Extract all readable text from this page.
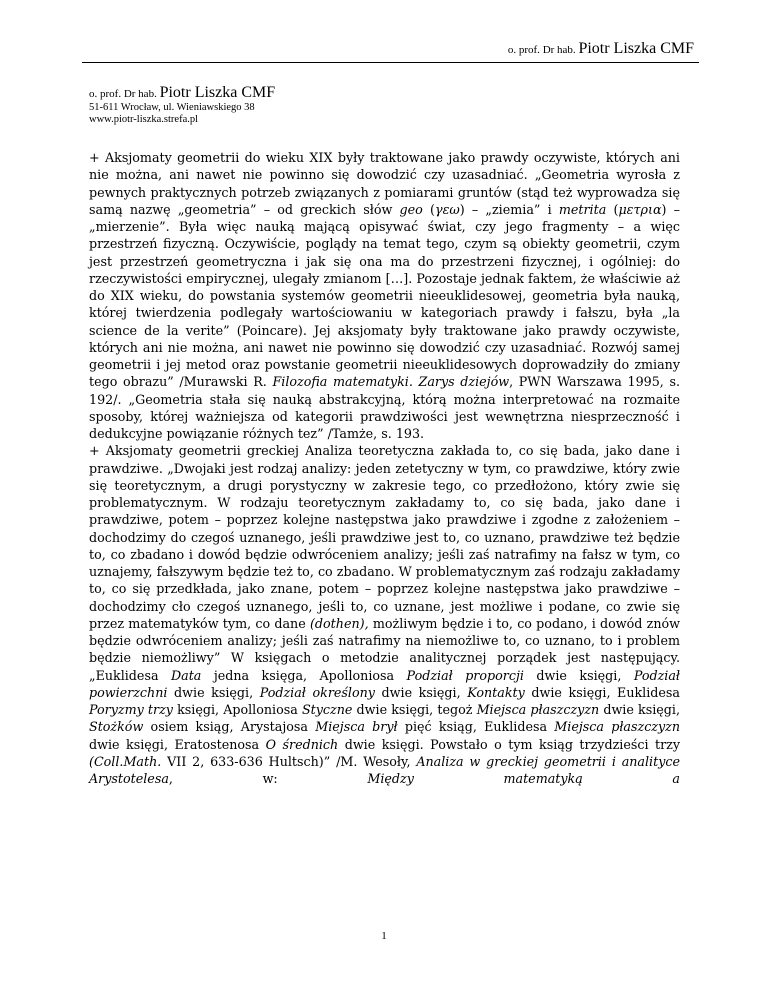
o. prof. Dr hab. Piotr Liszka CMF
o. prof. Dr hab. Piotr Liszka CMF
51-611 Wrocław, ul. Wieniawskiego 38
www.piotr-liszka.strefa.pl

+ Aksjomaty geometrii do wieku XIX były traktowane jako prawdy oczywiste, których ani nie można, ani nawet nie powinno się dowodzić czy uzasadniać. „Geometria wyrosła z pewnych praktycznych potrzeb związanych z pomiarami gruntów (stąd też wyprowadza się samą nazwę „geometria” – od greckich słów geo (γεω) – „ziemia” i metrita (μετρια) – „mierzenie”. Była więc nauką mającą opisywać świat, czy jego fragmenty – a więc przestrzeń fizyczną. Oczywiście, poglądy na temat tego, czym są obiekty geometrii, czym jest przestrzeń geometryczna i jak się ona ma do przestrzeni fizycznej, i ogólniej: do rzeczywistości empirycznej, ulegały zmianom […]. Pozostaje jednak faktem, że właściwie aż do XIX wieku, do powstania systemów geometrii nieeuklidesowej, geometria była nauką, której twierdzenia podlegały wartościowaniu w kategoriach prawdy i fałszu, była „la science de la verite” (Poincare). Jej aksjomaty były traktowane jako prawdy oczywiste, których ani nie można, ani nawet nie powinno się dowodzić czy uzasadniać. Rozwój samej geometrii i jej metod oraz powstanie geometrii nieeuklidesowych doprowadziły do zmiany tego obrazu” /Murawski R. Filozofia matematyki. Zarys dziejów, PWN Warszawa 1995, s. 192/. „Geometria stała się nauką abstrakcyjną, którą można interpretować na rozmaite sposoby, której ważniejsza od kategorii prawdziwości jest wewnętrzna niesprzeczność i dedukcyjne powiązanie różnych tez” /Tamże, s. 193.

+ Aksjomaty geometrii greckiej Analiza teoretyczna zakłada to, co się bada, jako dane i prawdziwe. „Dwojaki jest rodzaj analizy: jeden zetetyczny w tym, co prawdziwe, który zwie się teoretycznym, a drugi porystyczny w zakresie tego, co przedłożono, który zwie się problematycznym. W rodzaju teoretycznym zakładamy to, co się bada, jako dane i prawdziwe, potem – poprzez kolejne następstwa jako prawdziwe i zgodne z założeniem – dochodzimy do czegoś uznanego, jeśli prawdziwe jest to, co uznano, prawdziwe też będzie to, co zbadano i dowód będzie odwróceniem analizy; jeśli zaś natrafimy na fałsz w tym, co uznajemy, fałszywym będzie też to, co zbadano. W problematycznym zaś rodzaju zakładamy to, co się przedkłada, jako znane, potem – poprzez kolejne następstwa jako prawdziwe – dochodzimy cło czegoś uznanego, jeśli to, co uznane, jest możliwe i podane, co zwie się przez matematyków tym, co dane (dothen), możliwym będzie i to, co podano, i dowód znów będzie odwróceniem analizy; jeśli zaś natrafimy na niemożliwe to, co uznano, to i problem będzie niemożliwy” W księgach o metodzie analitycznej porządek jest następujący. „Euklidesa Data jedna księga, Apolloniosa Podział proporcji dwie księgi, Podział powierzchni dwie księgi, Podział określony dwie księgi, Kontakty dwie księgi, Euklidesa Poryzmy trzy księgi, Apolloniosa Styczne dwie księgi, tegoż Miejsca płaszczyzn dwie księgi, Stożków osiem ksiąg, Arystajosa Miejsca brył pięć ksiąg, Euklidesa Miejsca płaszczyzn dwie księgi, Eratostenosa O średnich dwie księgi. Powstało o tym ksiąg trzydzieści trzy (Coll.Math. VII 2, 633-636 Hultsch)” /M. Wesoły, Analiza w greckiej geometrii i analityce Arystotelesa, w: Między matematyką a

1
